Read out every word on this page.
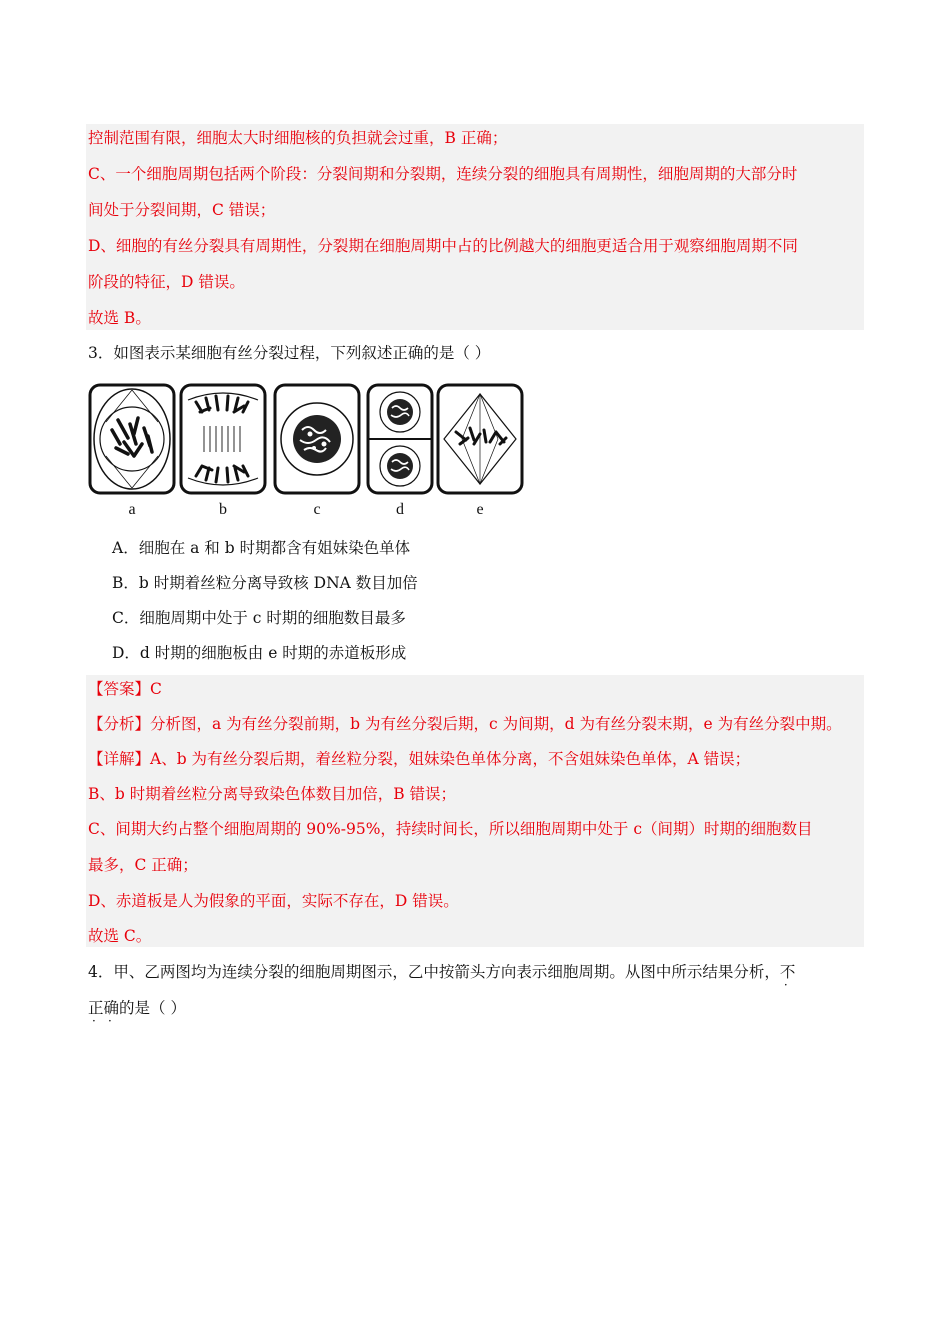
控制范围有限，细胞太大时细胞核的负担就会过重，B 正确；
C、一个细胞周期包括两个阶段：分裂间期和分裂期，连续分裂的细胞具有周期性，细胞周期的大部分时
间处于分裂间期，C 错误；
D、细胞的有丝分裂具有周期性，分裂期在细胞周期中占的比例越大的细胞更适合用于观察细胞周期不同
阶段的特征，D 错误。
故选 B。
3．如图表示某细胞有丝分裂过程，下列叙述正确的是（ ）
a	b	c	d	e
A．细胞在 a 和 b 时期都含有姐妹染色单体
B．b 时期着丝粒分离导致核 DNA 数目加倍
C．细胞周期中处于 c 时期的细胞数目最多
D．d 时期的细胞板由 e 时期的赤道板形成
【答案】C
【分析】分析图，a 为有丝分裂前期，b 为有丝分裂后期，c 为间期，d 为有丝分裂末期，e 为有丝分裂中期。
【详解】A、b 为有丝分裂后期，着丝粒分裂，姐妹染色单体分离，不含姐妹染色单体，A 错误；
B、b 时期着丝粒分离导致染色体数目加倍，B 错误；
C、间期大约占整个细胞周期的 90%-95%，持续时间长，所以细胞周期中处于 c（间期）时期的细胞数目
最多，C 正确；
D、赤道板是人为假象的平面，实际不存在，D 错误。
故选 C。
4．甲、乙两图均为连续分裂的细胞周期图示，乙中按箭头方向表示细胞周期。从图中所示结果分析，不
·
正确
· ·
的是（ ）
